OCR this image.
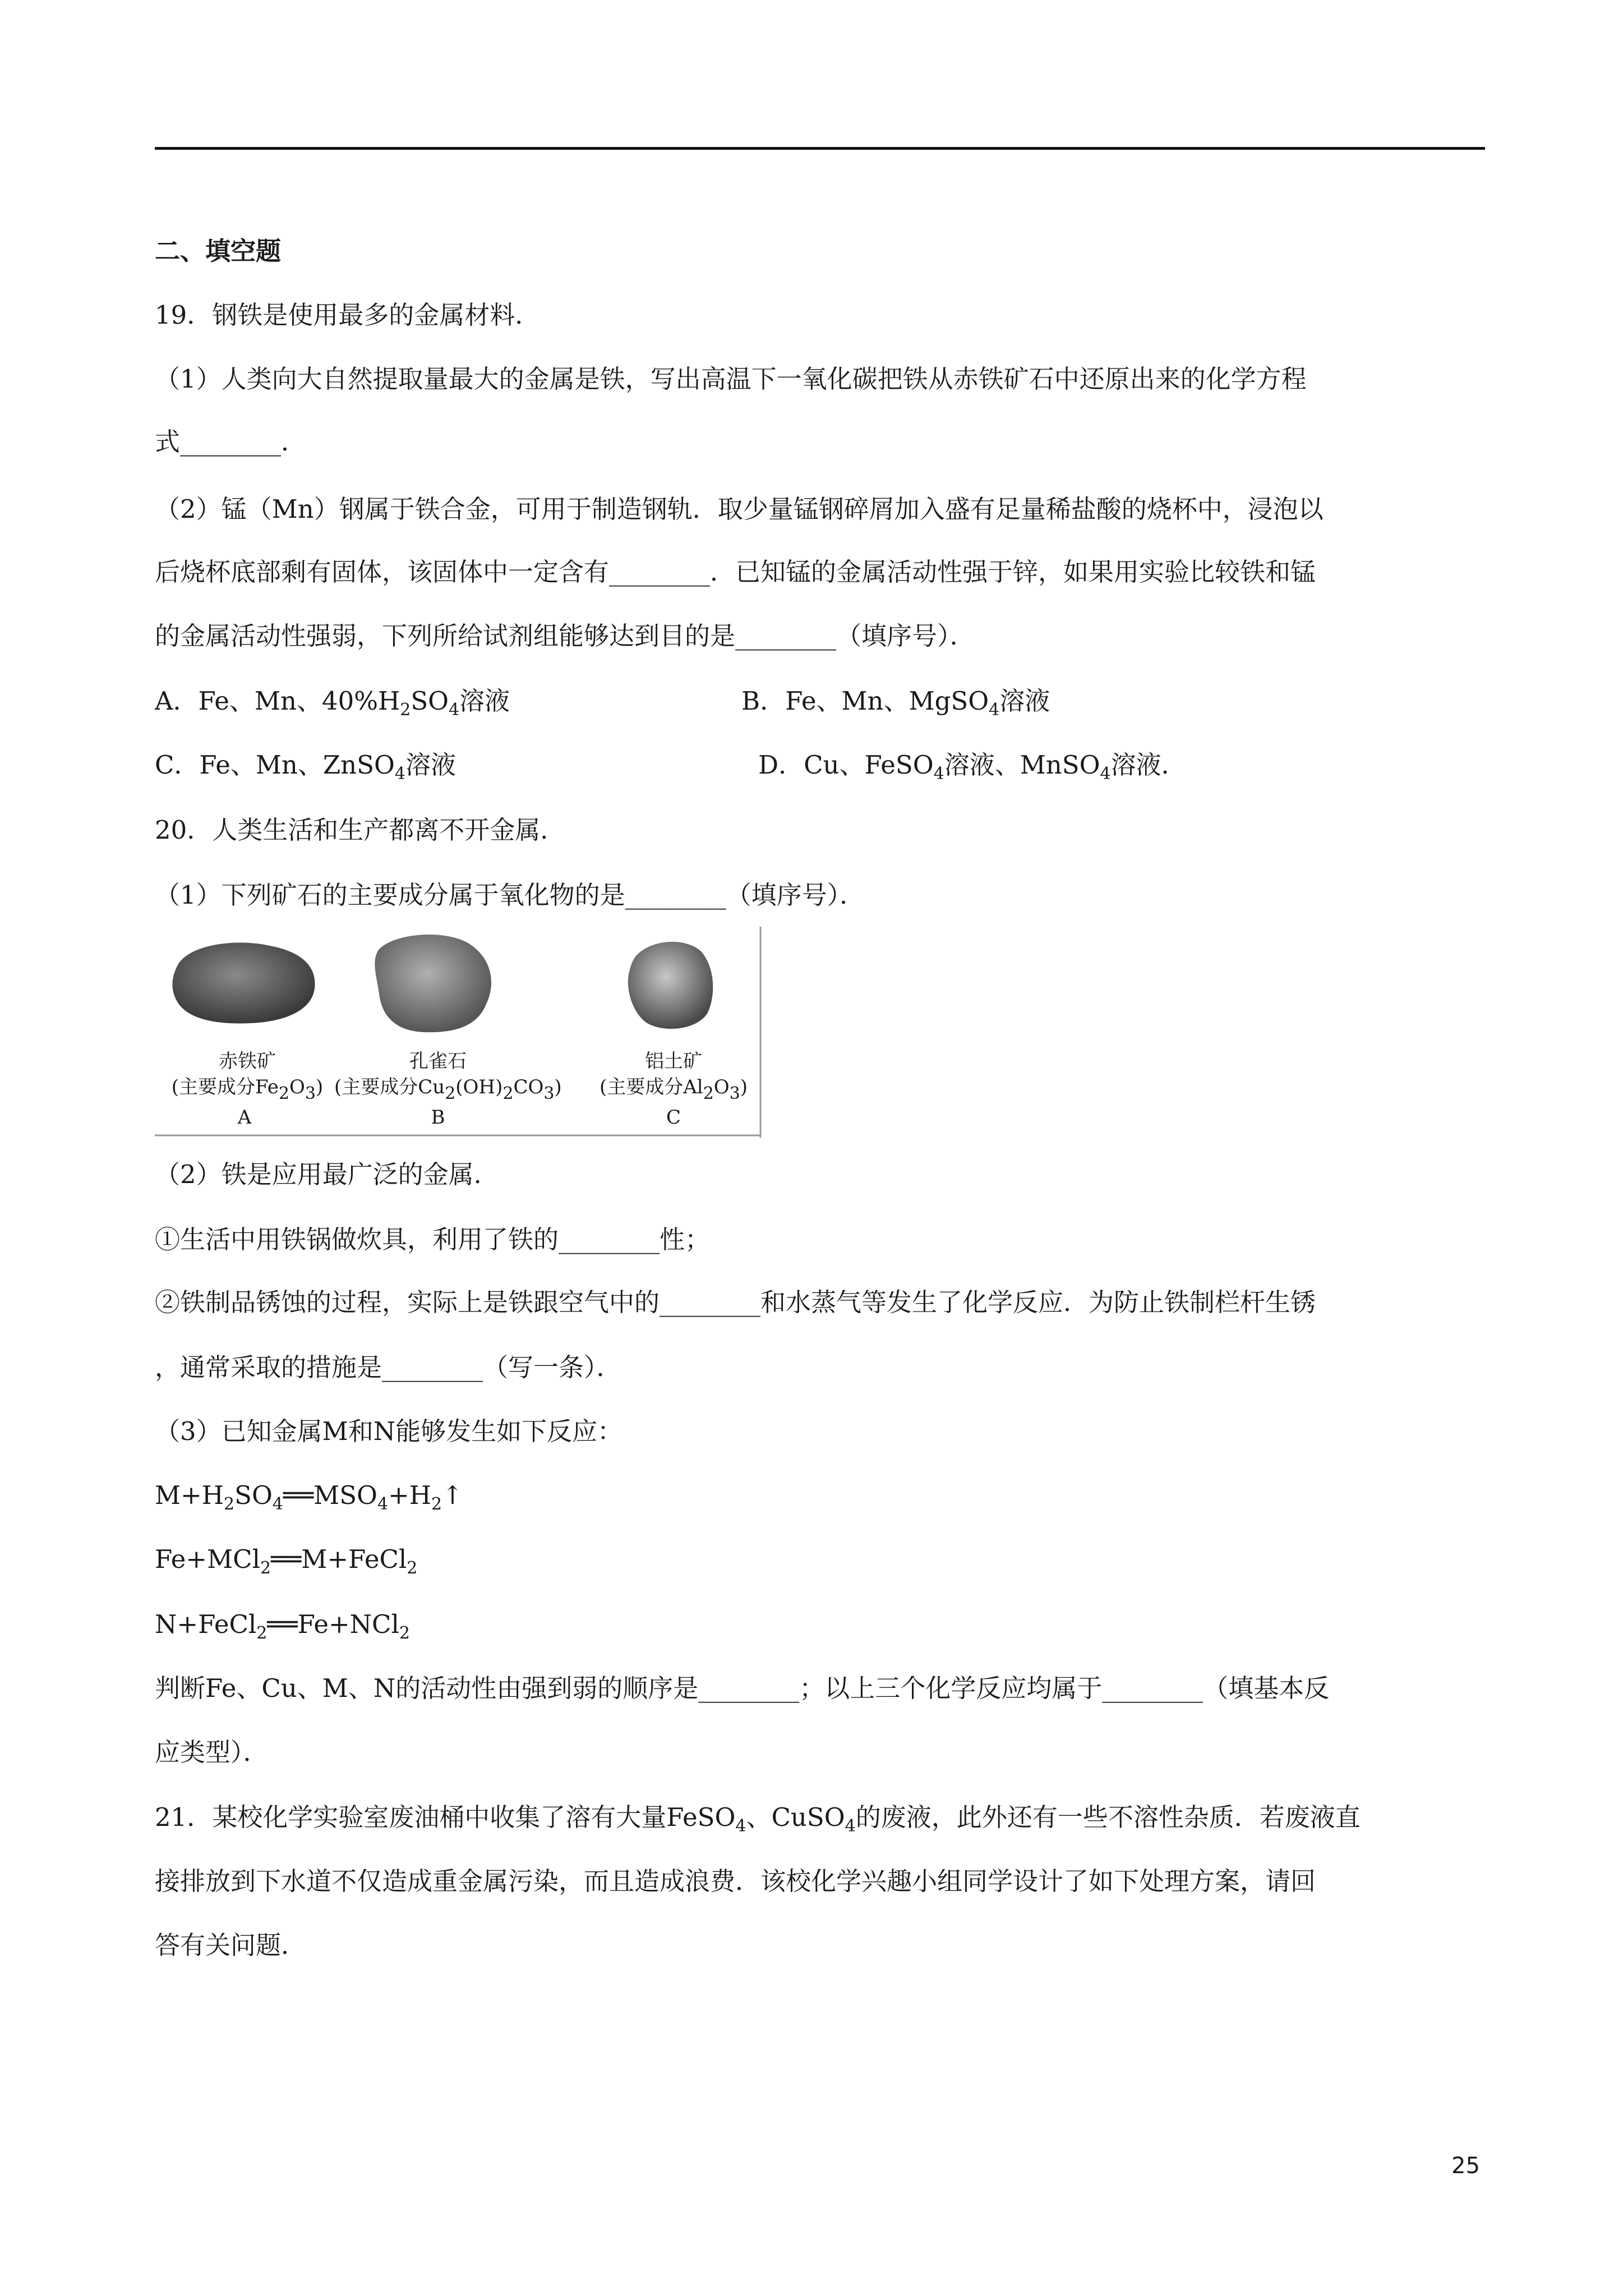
二、填空题
19．钢铁是使用最多的金属材料．
（1）人类向大自然提取量最大的金属是铁，写出高温下一氧化碳把铁从赤铁矿石中还原出来的化学方程
式________．
（2）锰（Mn）钢属于铁合金，可用于制造钢轨．取少量锰钢碎屑加入盛有足量稀盐酸的烧杯中，浸泡以
后烧杯底部剩有固体，该固体中一定含有________．已知锰的金属活动性强于锌，如果用实验比较铁和锰
的金属活动性强弱，下列所给试剂组能够达到目的是________（填序号）．
A．Fe、Mn、$40\%H_2SO_4$溶液	B．Fe、Mn、MgSO$_4$溶液
C．Fe、Mn、ZnSO$_4$溶液	D．Cu、FeSO$_4$溶液、MnSO$_4$溶液．
20．人类生活和生产都离不开金属．
（1）下列矿石的主要成分属于氧化物的是________（填序号）．
赤铁矿
(主要成分$Fe_2O_3$)
A
孔雀石
(主要成分$Cu_2(OH)_2CO_3$)
B
铝土矿
(主要成分$Al_2O_3$)
C
（2）铁是应用最广泛的金属．
①生活中用铁锅做炊具，利用了铁的________性；
②铁制品锈蚀的过程，实际上是铁跟空气中的________和水蒸气等发生了化学反应．为防止铁制栏杆生锈
，通常采取的措施是________（写一条）．
（3）已知金属M和N能够发生如下反应：
$M+H_2SO_4══MSO_4+H_2↑$
Fe+MCl$_2$══M+FeCl$_2$
N+FeCl$_2$══Fe+NCl$_2$
判断Fe、Cu、M、N的活动性由强到弱的顺序是________；以上三个化学反应均属于________（填基本反
应类型）．
21．某校化学实验室废油桶中收集了溶有大量FeSO$_4$、CuSO$_4$的废液，此外还有一些不溶性杂质．若废液直
接排放到下水道不仅造成重金属污染，而且造成浪费．该校化学兴趣小组同学设计了如下处理方案，请回
答有关问题．
25
